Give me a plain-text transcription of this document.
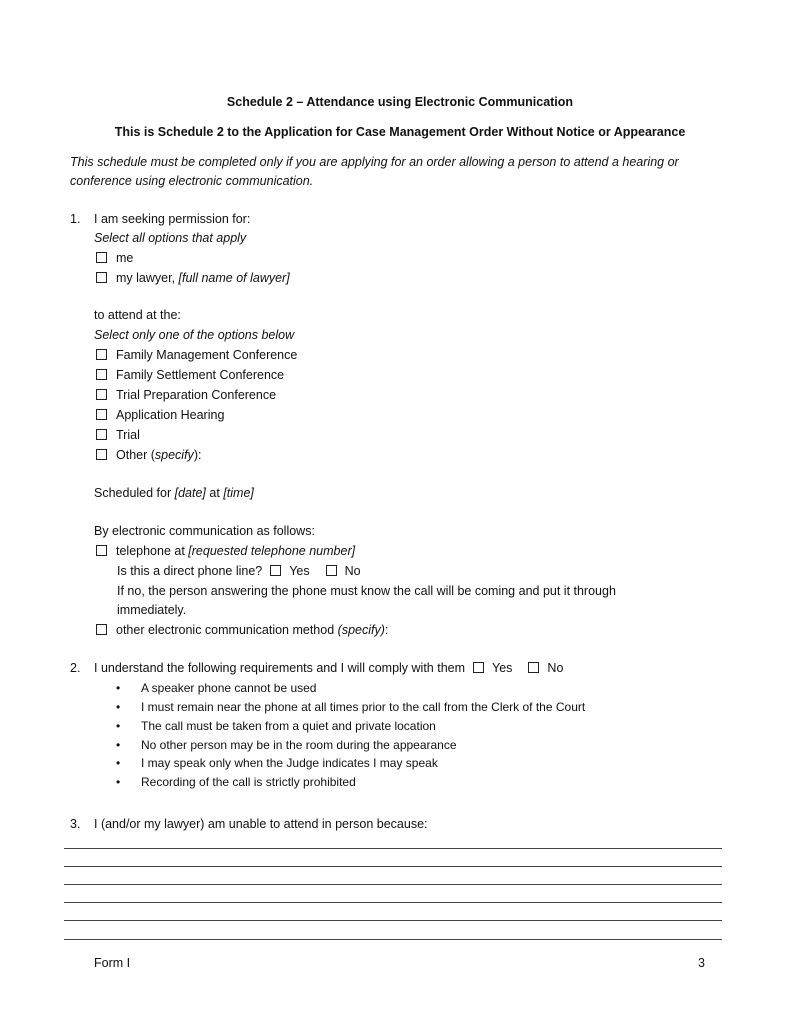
Schedule 2 – Attendance using Electronic Communication
This is Schedule 2 to the Application for Case Management Order Without Notice or Appearance
This schedule must be completed only if you are applying for an order allowing a person to attend a hearing or conference using electronic communication.
1. I am seeking permission for:
Select all options that apply
me
my lawyer, [full name of lawyer]
to attend at the:
Select only one of the options below
Family Management Conference
Family Settlement Conference
Trial Preparation Conference
Application Hearing
Trial
Other (specify):
Scheduled for [date] at [time]
By electronic communication as follows:
telephone at [requested telephone number]
Is this a direct phone line? Yes	No
If no, the person answering the phone must know the call will be coming and put it through
immediately.
other electronic communication method (specify):
2. I understand the following requirements and I will comply with them Yes	No
• A speaker phone cannot be used
• I must remain near the phone at all times prior to the call from the Clerk of the Court
• The call must be taken from a quiet and private location
• No other person may be in the room during the appearance
• I may speak only when the Judge indicates I may speak
• Recording of the call is strictly prohibited
3. I (and/or my lawyer) am unable to attend in person because:
Form I	3
